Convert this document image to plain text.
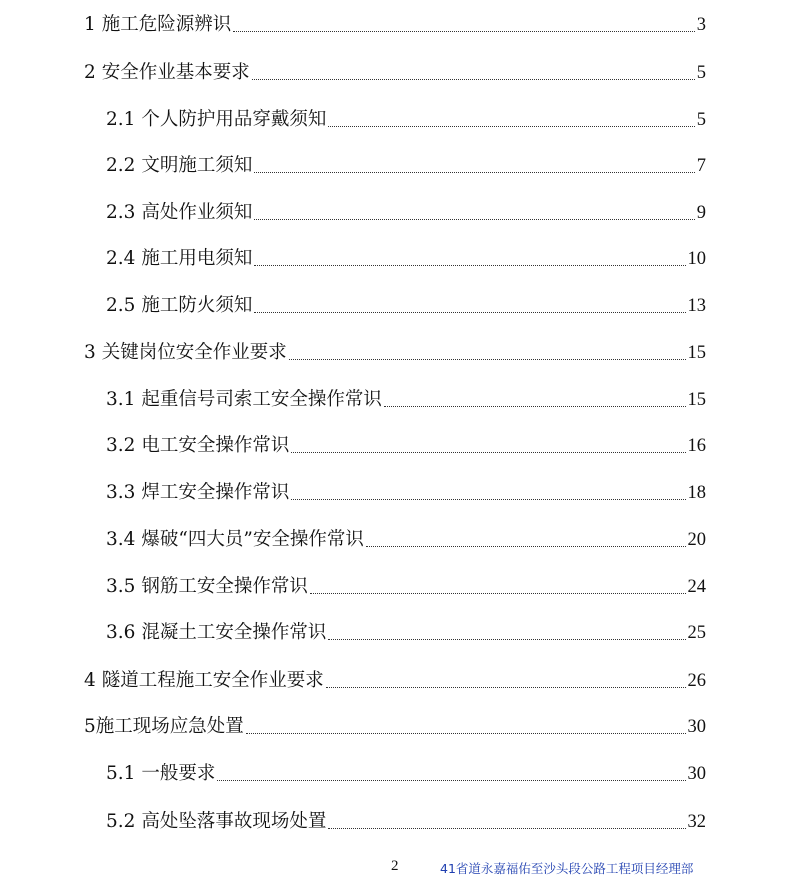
1 施工危险源辨识	3
2 安全作业基本要求	5
2.1 个人防护用品穿戴须知	5
2.2 文明施工须知	7
2.3 高处作业须知	9
2.4 施工用电须知	10
2.5 施工防火须知	13
3 关键岗位安全作业要求	15
3.1 起重信号司索工安全操作常识	15
3.2 电工安全操作常识	16
3.3 焊工安全操作常识	18
3.4 爆破“四大员”安全操作常识	20
3.5 钢筋工安全操作常识	24
3.6 混凝土工安全操作常识	25
4 隧道工程施工安全作业要求	26
5 施工现场应急处置	30
5.1 一般要求	30
5.2 高处坠落事故现场处置	32
2	41省道永嘉福佑至沙头段公路工程项目经理部
